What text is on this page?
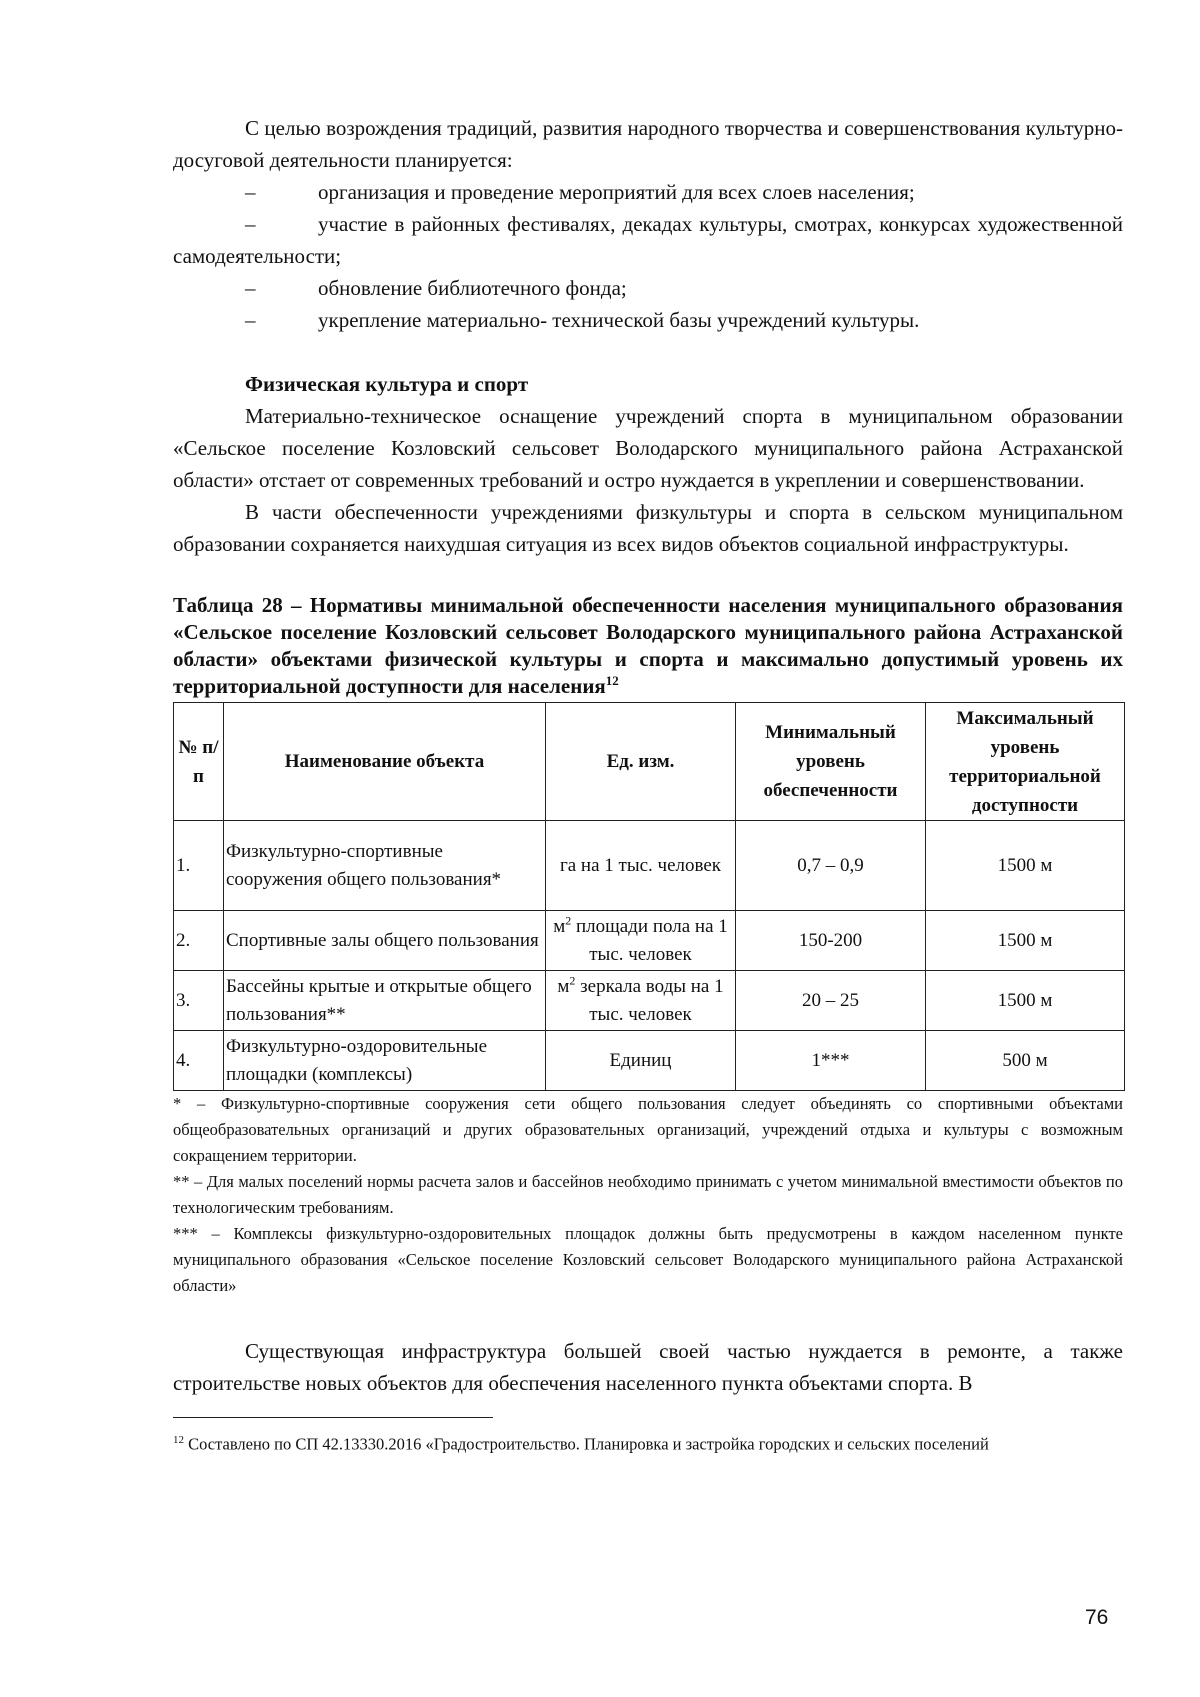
С целью возрождения традиций, развития народного творчества и совершенствования культурно-досуговой деятельности планируется:

–	организация и проведение мероприятий для всех слоев населения;

–	участие в районных фестивалях, декадах культуры, смотрах, конкурсах художественной самодеятельности;

–	обновление библиотечного фонда;

–	укрепление материально- технической базы учреждений культуры.

Физическая культура и спорт

Материально-техническое оснащение учреждений спорта в муниципальном образовании «Сельское поселение Козловский сельсовет Володарского муниципального района Астраханской области» отстает от современных требований и остро нуждается в укреплении и совершенствовании.

В части обеспеченности учреждениями физкультуры и спорта в сельском муниципальном образовании сохраняется наихудшая ситуация из всех видов объектов социальной инфраструктуры.

Таблица 28 – Нормативы минимальной обеспеченности населения муниципального образования «Сельское поселение Козловский сельсовет Володарского муниципального района Астраханской области» объектами физической культуры и спорта и максимально допустимый уровень их территориальной доступности для населения$^{12}$

№ п/п	Наименование объекта	Ед. изм.	Минимальный уровень обеспеченности	Максимальный уровень территориальной доступности
1.	Физкультурно-спортивные сооружения общего пользования*	га на 1 тыс. человек	0,7 – 0,9	1500 м
2.	Спортивные залы общего пользования	$м^2$ площади пола на 1 тыс. человек	150-200	1500 м
3.	Бассейны крытые и открытые общего пользования**	$м^2$ зеркала воды на 1 тыс. человек	20 – 25	1500 м
4.	Физкультурно-оздоровительные площадки (комплексы)	Единиц	1***	500 м

* – Физкультурно-спортивные сооружения сети общего пользования следует объединять со спортивными объектами общеобразовательных организаций и других образовательных организаций, учреждений отдыха и культуры с возможным сокращением территории.

** – Для малых поселений нормы расчета залов и бассейнов необходимо принимать с учетом минимальной вместимости объектов по технологическим требованиям.

*** – Комплексы физкультурно-оздоровительных площадок должны быть предусмотрены в каждом населенном пункте муниципального образования «Сельское поселение Козловский сельсовет Володарского муниципального района Астраханской области»

Существующая инфраструктура большей своей частью нуждается в ремонте, а также строительстве новых объектов для обеспечения населенного пункта объектами спорта. В

$^{12}$ Составлено по СП 42.13330.2016 «Градостроительство. Планировка и застройка городских и сельских поселений

76
